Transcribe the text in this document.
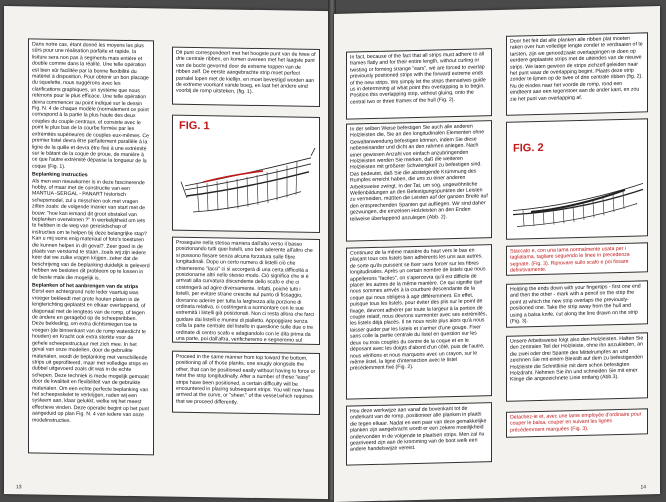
Dans notre cas, étant donné les moyens les plus sûrs pour une réalisation parfaite et rapide, la lisiture sera non pas à segments mais entière et double comme dans la réalité. Une telle opération est bien sûr facilitée par la bonne flexibilité du matériel à disposition. Pour obtenir un bon placage du squelette, nous suggérons avec les clarifications graphiques, un système que nous retenons pour le plus efficace. Une telle opération devra commencer au point indiqué sur le dessin Fig. N. 4 de chaque modèle (normalement ce point correspond à la partie la plus haute des deux couples du couple centraux, et consiste avec le point le plus bas de la courbe formée par les extrémités supérieures de couples eux-mêmes. Ce premier listel devra être parfaitement parallèle à la ligne de la quille et devra être fixé à une extrémité sur le bâtant de la coque de proue, de manière à ce que l'autre extrémité dépasse la longueur de la coque (Fig. 1).

Beplanking instructies
Als men een nieuwkomer is in deze fascinerende hobby, of maar met de constructie van een MANTUA -SERGAL - PANART historisch schepsmodel, zul u misschien ook met vragen zitten zoals: de volgende manier van start met de bouw: "hoe kan iemand dit groot obstakel van beplanken overwinnen ?" In werkelijkheid om iets te hebben in de weg van geresidschap of instructies om te helpen bij deze belangrijke stap? Kan u mij soms enig materiaal of foto's toesturen die kunnen helpen in dit geval?. Zeer goed in de plaats van verstomd te staan, zoals wij zijn iedere keer dat we zulke vragen krijgen, zeker dat de beschrijving van de beplanking duidelijk is geleverd hebben we besloten dit probleem op te lossen in de beste male die mogelijk is.

Beplanken of het aanbrengen van de strips
Eerst een achtergrond note leder vaartuig was vroeger bekleedt met grote houten platen in de lengterichting geplaatst en elkaar overlappend, of diagonaal met de lengteas van de romp, of tegen de andere en geragebd op de scheepsribben. Deze bekleding, om extra dichtsmiegen toe te voegen (de binnenkant van de romp waterdicht te houden) en Kracht ook extra sterkte voor de gehele scheepsstructuur met zich mee. In het geval van onze modellen, door de gebruikte materialen, wordt de beplanking met verschillende strips uit geprofiteerd, maar met volledige strips en dubbel uitgevoerd zoals dit was in de echte schepen. Deze techniek is mede mogelijk gemaakt door de kwaliteit en flexibiliteit van de gebruikte materialen. Om een echte perfecte beplanking van het scheepsskelet te verkrijgen, raden wij een systeem aan, klaar gelukkt, welke wij het meest effectieve vinden. Deze operatie begint op het punt aangeduid op plan Fig. N. 4 van iedere van onze modelinstructies.

Dit punt correspondeert met het hoogste punt van de twee of drie centrale ribben, en komen overeen met het laagste punt van de bocht gevormd door de extreme toppen van de ribben zelf. De eerste aangebrachte strip moet perfect parralel lopen met de kiellijn, en moet bevestigd worden aan de extreme voorkant vande boeg, en laat het andere eind voorbij de romp uitsteken, (fig. 1).

FIG. 1

Proseguire nella stessa maniera dall'alto verso il basso posizionando tutti quei listelli, uno ben aderente all'altro che si possono fissare senza alcuna forzatura sulle fibre longitudinali. Dopo un certo numero di listelli ciò che chiameremo "lacci" ci si accorgerà di una certa difficoltà a posizionarne altri nello stesso modo. Ciò significa che si è arrivati alla curvatura discendente dello scafo e che ci costringerà ad agire diversamente. Infatti, poiché tutti i listelli, per evitare strane crescite sul punto di fissaggio, dovranno aderire per tutta la larghezza alla porzione di ordinata relativa, ci costringerà a sormontare con le sue estremità i listelli già posizionati. Non ci resta allora che farci guidare dai listelli e munirsi di pialletto. Appoggiare senza colla la parte centrale del listello in questione sulle due o tre ordinate di centro scafo e adagiandolo con le dita prima da una parte, poi dall'altra, verificheremo e segneremo sul

Proceed in the same manner from top toward the bottom, positioning all of those planks, one snugly alongside the other, that can be positioned easily without having to force or twist the strip longitudinally. After a number of these "easy" strips have been positioned, a certain difficulty will be encountered in placing subsequent strips. You will now have arrived at the curve, or "sheer," of the vessel,which requires that we proceed differently.

13

In fact, because of the fact that all strips must adhere to all frames flatly and for their entire length, without curling or twisting or forming strange "ears", we are forced to overlap previously positioned strips with the forward extreme ends of the new strips. We simply let the strips themselves guide us in determining at what point this overlapping is to begin. Position this overlapping strip, without gluing, onto the central two or three frames of the hull (Fig. 2).

In der selben Weise befestigen Sie auch alle anderen Holzleisten die, Sie an den longitudinalen Elementen ohne Gewaltanwendung befestigen können, indem Sie diese nebeneinander und dicht an den rahmen anlegen. Nach einer gewissen Anzahl von einfach anzubringenden Holzleisten werden Sie merken, daß die weiteren Holzleisten mit größerer Schwierigkeit zu befestigen sind. Das bedeutet, daß Sie die absteigende Krümmung des Rumpfes erreicht haben, die uns zu einer anderen Arbeitsweise zwingt. In der Tat, um sog. ungewöhnliche Wellenbildungen an den Befestigungspunkten der Leisten zu vermeiden, müßten die Leisten auf der ganzen Breite auf den entsprechenden Spanten gut aufliegen. Wir sind daher gezwungen, die einzelnen Holzleisten an den Enden teilweise überlappend anzulegen (Abb. 2).

Continuez de la même manière du haut vers le bas en plaçant tous ces listels bien adhérents les uns aux autres, de sorte qu'ils puissent se fixer sans forcer sur les fibres longitudinales. Après un certain nombre de listels que nous appellerons "faciles", on s'apercevra qu'il est difficile de placer les autres de la même manière. Ce qui signifie que nous sommes arrivés à la courbure descendante de la coque qui nous obligera à agir différemment. En effet, puisque tous les listels, pour éviter des plis sur le point de fixage, devront adhérer par toute la largeur à la portion de couple relatif, nous devrons surmonter avec ses extrémités, les listels déjà placés. Il ne nous reste plus alors qu'à nous laisser guider par les listels et s'armer d'une gouge. Fixer sans colle la partie centrale du listel en question sur les deux ou trois couples du centre de la coque et en le déposant avec les doigts d'abord d'un côté, puis de l'autre, nous vérifions et nous marquons avec un crayon, sur le même listel, la ligne d'intersection avec le listel précédemment fixé (Fig. 2).

Hou deze werkwijze aan vanaf de bovenkant tot de onderkant van de romp, positioneer alle planken in plaats die tegen elkaar. Nadat en een paar van deze gemakkelijke planken zijn aangebracht wordt er een zekere moeilijkheid ondervonden in de volgende te plaatsen strips. Men zal nu gearriveerd zijn aan de kromming van de boot welk een andere handelswijze vereist.

Door het feit dat alle planken alle ribben plat moeten raken over hun volledige lengte zonder te verdraaien of te tarsten, zijn we genoodzaakt overlappingen te doen op eerdere geplaatste strips met de uiteindes van de nieuwe strips. We laten gewoon de strips zichzelf geleiden naar het punt waar de overlapping begint. Plaats deze strip zonder te lijmen op de twee of drie centrale ribben (fig. 2). Nu de eindes naar het voorde de romp, rond een eindteent aan een tegenstoer aan de ander kant, en zou zie het punt van overlapping af.

FIG. 2

Staccato e, con una lama normalmente usata per i taglialama, tagliare seguendo le linee in precedenza segnate. (Fig. 3). Riprovare sullo scafo e poi fissare definitivamente.

Holding the ends down with your fingertips - first one end and then the other - mark with a pencil on the strip the point at which the new strip overlaps the previously-positioned one. Take the strip away from the hull and using a balsa knife, cut along the line drawn on the strip (Fig. 3).

Unsere Arbeitsweise folgt also den Holzleisten. Halten Sie den zentralen Teil der Holzleiste, ohne ihn anzukleben, an die zwei oder drei Spante des Mittelrumpfes an und zeichnen Sie mit einem Bleistift auf dem zu befestigenden Holzleiste die Schnittlinie mit dem schon befestigten Holzdraht. Nehmen Sie ihn und schneiden Sie mit einer Klinge die angezeichnete Linie entlang (Abb.3).

Détachez-le et, avec une lame employée d'ordinaire pour couper le balsa, couper en suivant les lignes précédemment marquées (Fig. 3).

14
